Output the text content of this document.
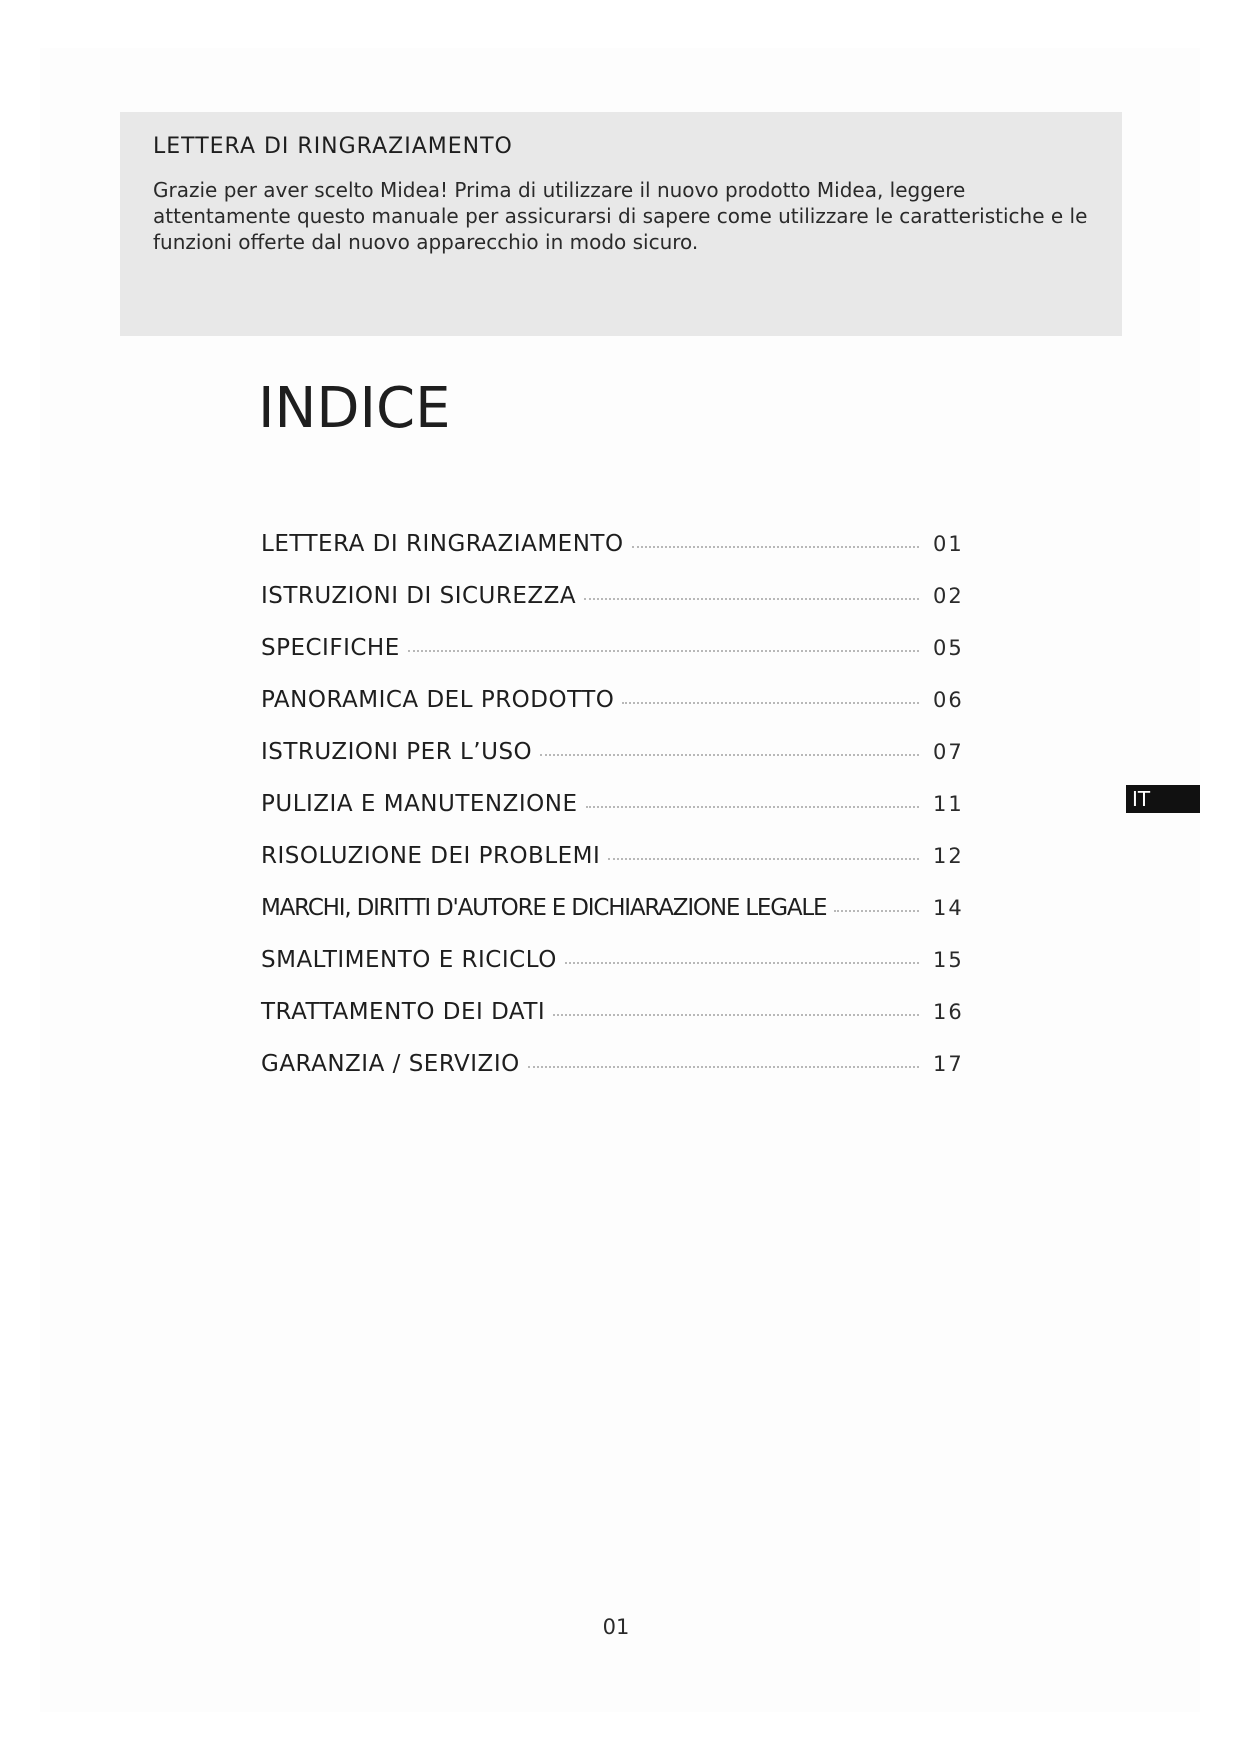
LETTERA DI RINGRAZIAMENTO

Grazie per aver scelto Midea! Prima di utilizzare il nuovo prodotto Midea, leggere attentamente questo manuale per assicurarsi di sapere come utilizzare le caratteristiche e le funzioni offerte dal nuovo apparecchio in modo sicuro.

INDICE
LETTERA DI RINGRAZIAMENTO	01
ISTRUZIONI DI SICUREZZA	02
SPECIFICHE	05
PANORAMICA DEL PRODOTTO	06
ISTRUZIONI PER L’USO	07
PULIZIA E MANUTENZIONE	11
RISOLUZIONE DEI PROBLEMI	12
MARCHI, DIRITTI D'AUTORE E DICHIARAZIONE LEGALE	14
SMALTIMENTO E RICICLO	15
TRATTAMENTO DEI DATI	16
GARANZIA / SERVIZIO	17
IT
01
